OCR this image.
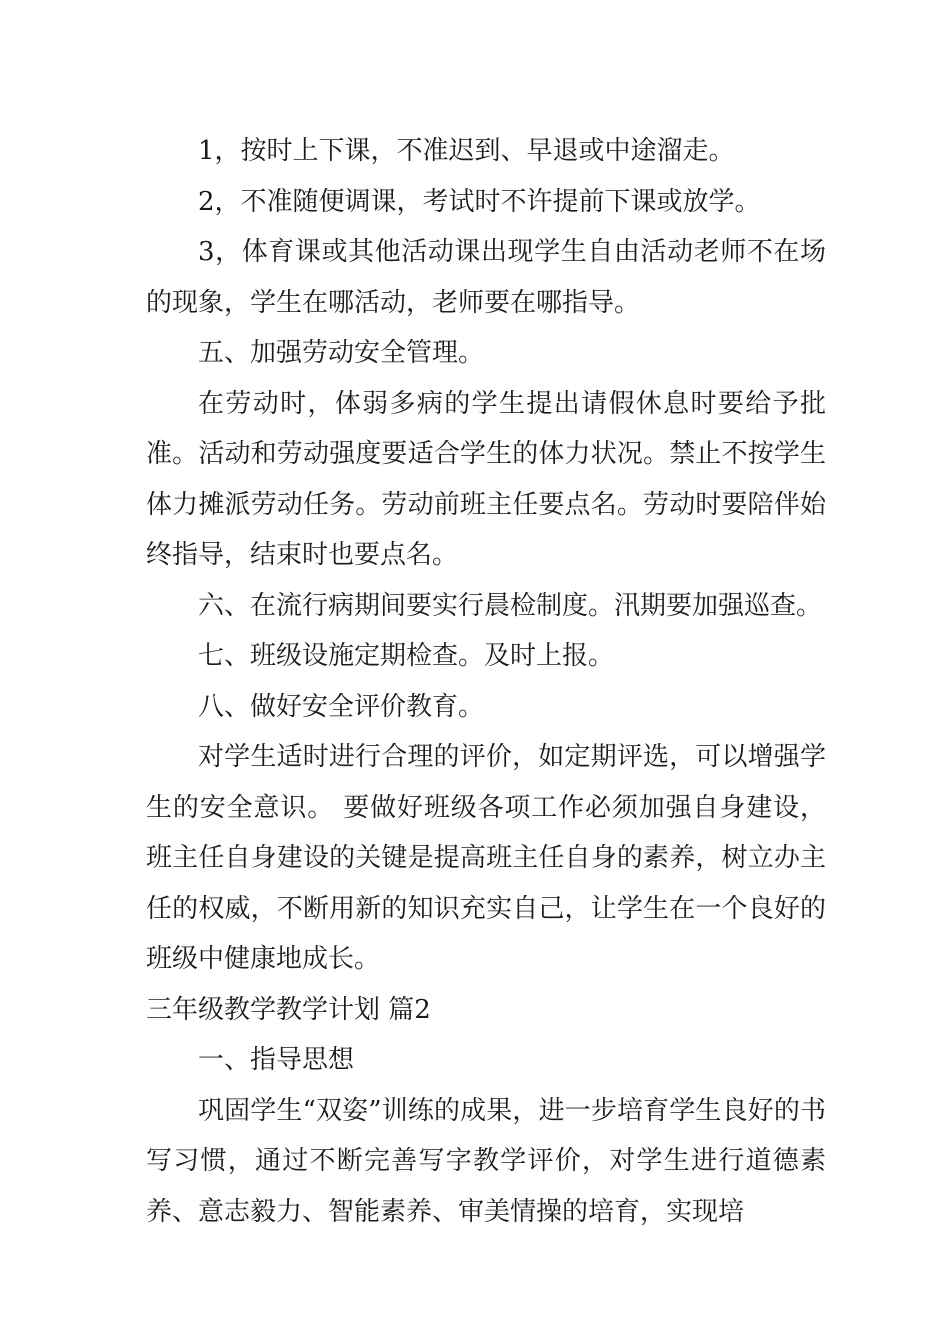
1，按时上下课，不准迟到、早退或中途溜走。

2，不准随便调课，考试时不许提前下课或放学。

3，体育课或其他活动课出现学生自由活动老师不在场的现象，学生在哪活动，老师要在哪指导。

五、加强劳动安全管理。

在劳动时，体弱多病的学生提出请假休息时要给予批准。活动和劳动强度要适合学生的体力状况。禁止不按学生体力摊派劳动任务。劳动前班主任要点名。劳动时要陪伴始终指导，结束时也要点名。

六、在流行病期间要实行晨检制度。汛期要加强巡查。

七、班级设施定期检查。及时上报。

八、做好安全评价教育。

对学生适时进行合理的评价，如定期评选，可以增强学生的安全意识。 要做好班级各项工作必须加强自身建设，班主任自身建设的关键是提高班主任自身的素养，树立办主任的权威，不断用新的知识充实自己，让学生在一个良好的班级中健康地成长。

三年级教学教学计划 篇2

一、指导思想

巩固学生“双姿”训练的成果，进一步培育学生良好的书写习惯，通过不断完善写字教学评价，对学生进行道德素养、意志毅力、智能素养、审美情操的培育，实现培
